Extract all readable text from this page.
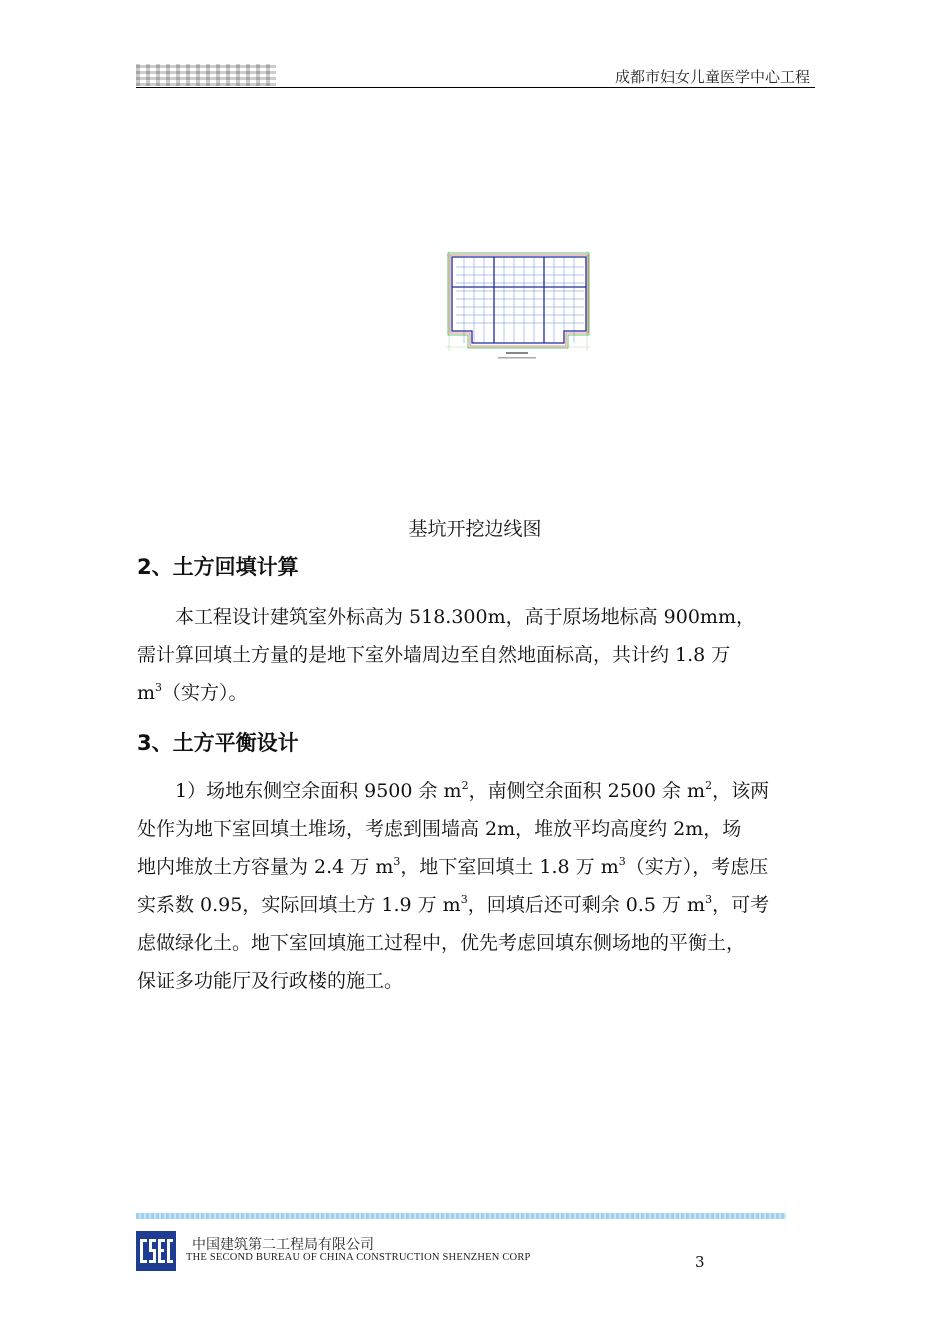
成都市妇女儿童医学中心工程
基坑开挖边线图
2、土方回填计算
本工程设计建筑室外标高为 518.300m，高于原场地标高 900mm，
需计算回填土方量的是地下室外墙周边至自然地面标高，共计约 1.8 万
$m^3$（实方）。
3、土方平衡设计
1）场地东侧空余面积 9500 余 $m^2$，南侧空余面积 2500 余 $m^2$，该两
处作为地下室回填土堆场，考虑到围墙高 2m，堆放平均高度约 2m，场
地内堆放土方容量为 2.4 万 $m^3$，地下室回填土 1.8 万 $m^3$（实方），考虑压
实系数 0.95，实际回填土方 1.9 万 $m^3$，回填后还可剩余 0.5 万 $m^3$，可考
虑做绿化土。地下室回填施工过程中，优先考虑回填东侧场地的平衡土，
保证多功能厅及行政楼的施工。
中国建筑第二工程局有限公司
THE SECOND BUREAU OF CHINA CONSTRUCTION SHENZHEN CORP	3
